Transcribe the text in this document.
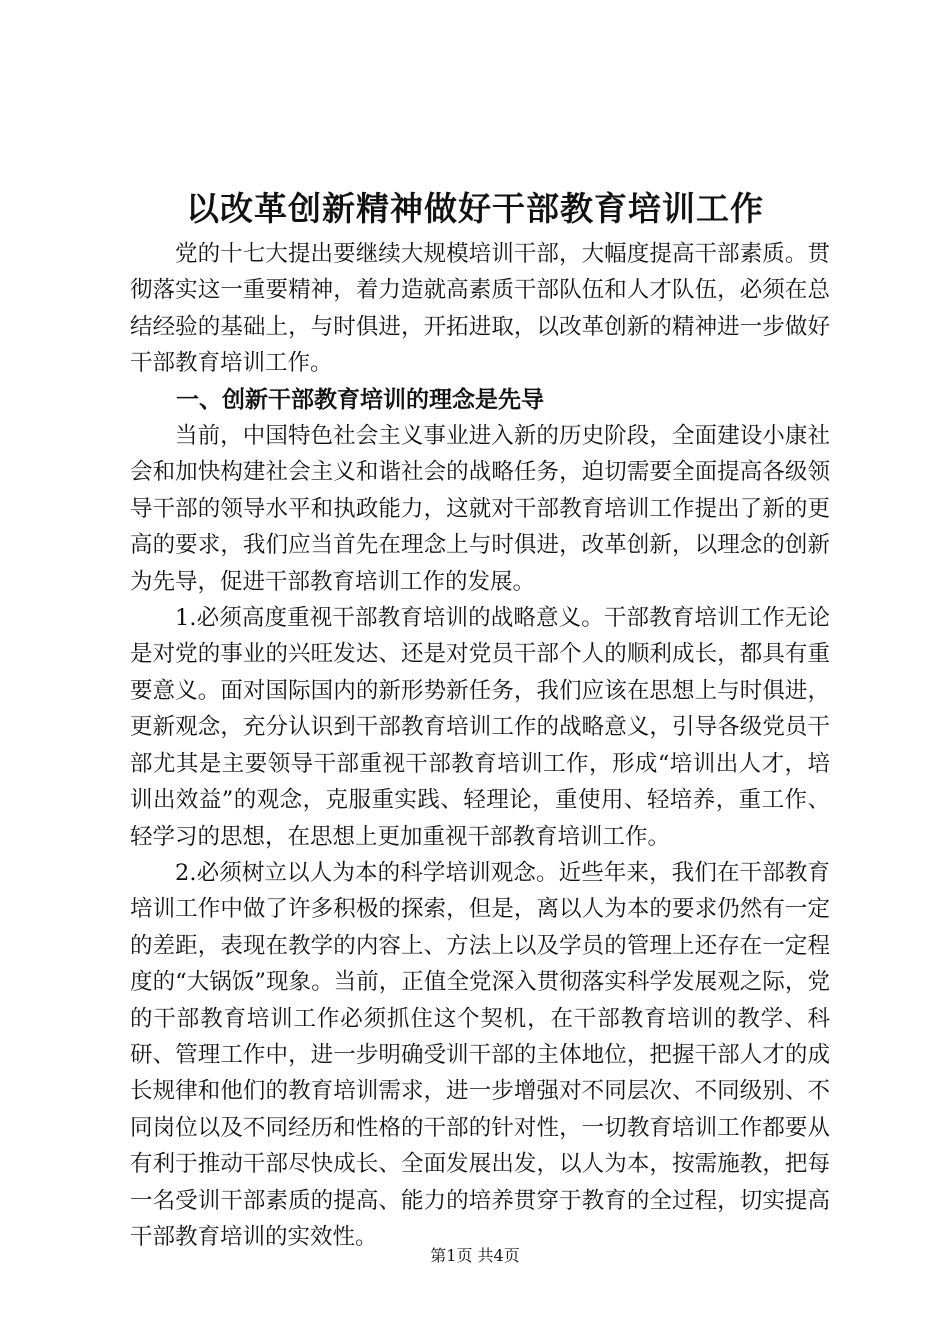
以改革创新精神做好干部教育培训工作

党的十七大提出要继续大规模培训干部，大幅度提高干部素质。贯彻落实这一重要精神，着力造就高素质干部队伍和人才队伍，必须在总结经验的基础上，与时俱进，开拓进取，以改革创新的精神进一步做好干部教育培训工作。

一、创新干部教育培训的理念是先导

当前，中国特色社会主义事业进入新的历史阶段，全面建设小康社会和加快构建社会主义和谐社会的战略任务，迫切需要全面提高各级领导干部的领导水平和执政能力，这就对干部教育培训工作提出了新的更高的要求，我们应当首先在理念上与时俱进，改革创新，以理念的创新为先导，促进干部教育培训工作的发展。

1.必须高度重视干部教育培训的战略意义。干部教育培训工作无论是对党的事业的兴旺发达、还是对党员干部个人的顺利成长，都具有重要意义。面对国际国内的新形势新任务，我们应该在思想上与时俱进，更新观念，充分认识到干部教育培训工作的战略意义，引导各级党员干部尤其是主要领导干部重视干部教育培训工作，形成“培训出人才，培训出效益”的观念，克服重实践、轻理论，重使用、轻培养，重工作、轻学习的思想，在思想上更加重视干部教育培训工作。

2.必须树立以人为本的科学培训观念。近些年来，我们在干部教育培训工作中做了许多积极的探索，但是，离以人为本的要求仍然有一定的差距，表现在教学的内容上、方法上以及学员的管理上还存在一定程度的“大锅饭”现象。当前，正值全党深入贯彻落实科学发展观之际，党的干部教育培训工作必须抓住这个契机，在干部教育培训的教学、科研、管理工作中，进一步明确受训干部的主体地位，把握干部人才的成长规律和他们的教育培训需求，进一步增强对不同层次、不同级别、不同岗位以及不同经历和性格的干部的针对性，一切教育培训工作都要从有利于推动干部尽快成长、全面发展出发，以人为本，按需施教，把每一名受训干部素质的提高、能力的培养贯穿于教育的全过程，切实提高干部教育培训的实效性。

第1页 共4页
